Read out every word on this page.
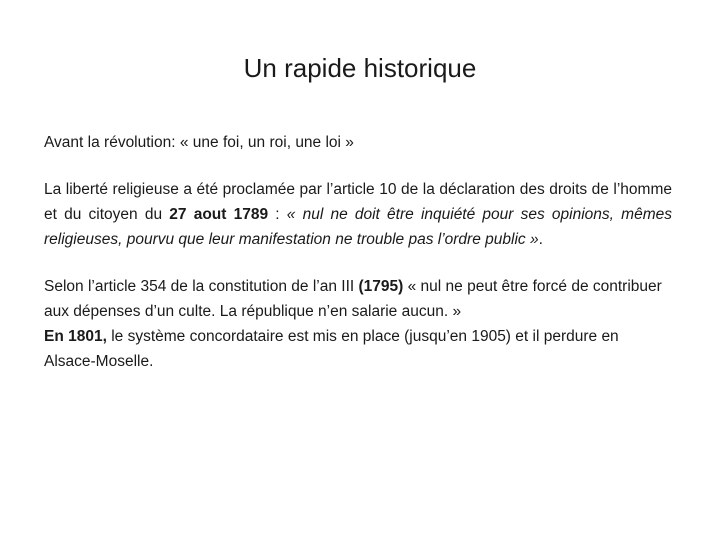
Un rapide historique

Avant la révolution: « une foi, un roi, une loi »

La liberté religieuse a été proclamée par l’article 10 de la déclaration des droits de l’homme et du citoyen du 27 aout 1789 : « nul ne doit être inquiété pour ses opinions, mêmes religieuses, pourvu que leur manifestation ne trouble pas l’ordre public ».

Selon l’article 354 de la constitution de l’an III (1795) « nul ne peut être forcé de contribuer aux dépenses d’un culte. La république n’en salarie aucun. »

En 1801, le système concordataire est mis en place (jusqu’en 1905) et il perdure en Alsace-Moselle.
